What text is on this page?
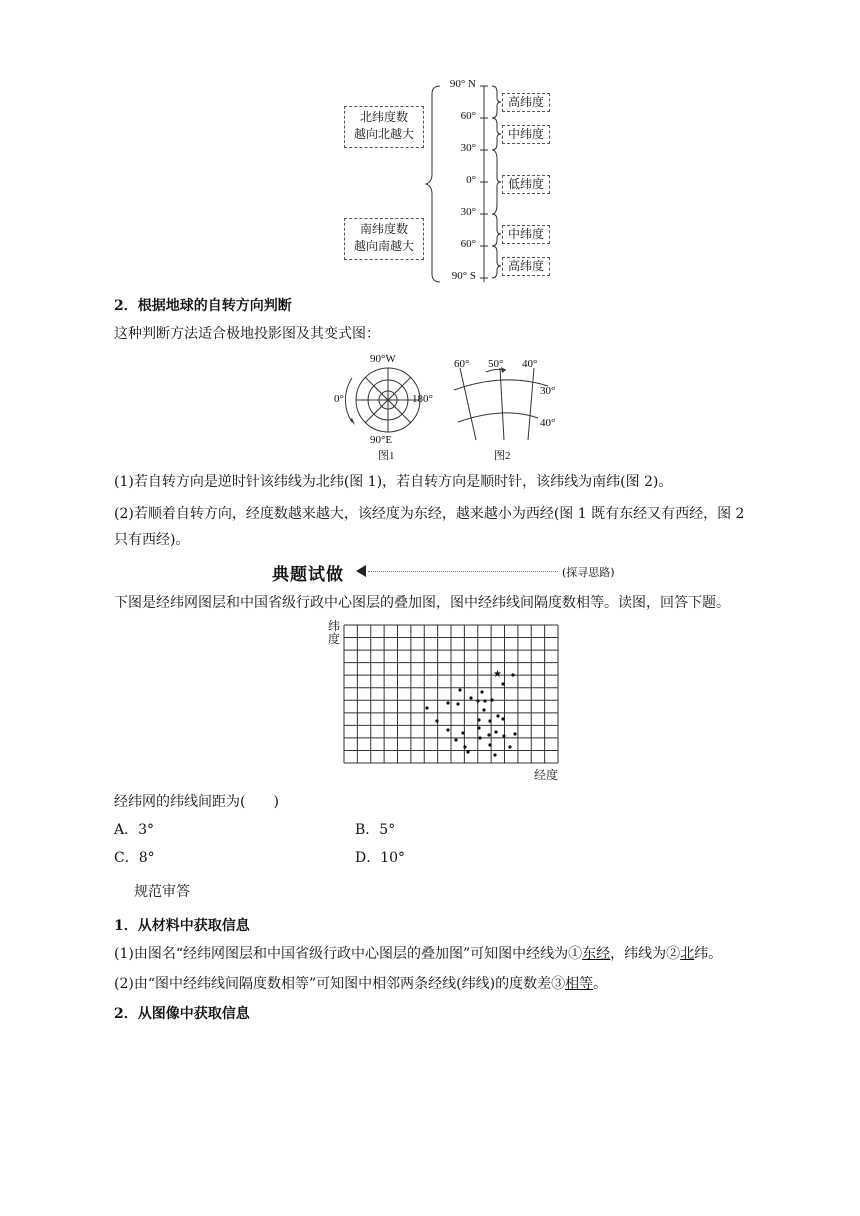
北纬度数
越向北越大
南纬度数
越向南越大
90° N
60°
30°
0°
30°
60°
90° S
高纬度
中纬度
低纬度
中纬度
高纬度
2．根据地球的自转方向判断
这种判断方法适合极地投影图及其变式图：
90°W
0°	180°
90°E
图1
60° 50° 40°
30°
40°
图2
(1)若自转方向是逆时针该纬线为北纬(图 1)，若自转方向是顺时针，该纬线为南纬(图 2)。
(2)若顺着自转方向，经度数越来越大，该经度为东经，越来越小为西经(图 1 既有东经又有西经，图 2
只有西经)。
典题试做	(探寻思路)
下图是经纬网图层和中国省级行政中心图层的叠加图，图中经纬线间隔度数相等。读图，回答下题。
纬
度
★
经度
经纬网的纬线间距为(　　)
A．3°	B．5°
C．8°	D．10°
规范审答
1．从材料中获取信息
(1)由图名“经纬网图层和中国省级行政中心图层的叠加图”可知图中经线为①东经，纬线为②北纬。
(2)由“图中经纬线间隔度数相等”可知图中相邻两条经线(纬线)的度数差③相等。
2．从图像中获取信息
